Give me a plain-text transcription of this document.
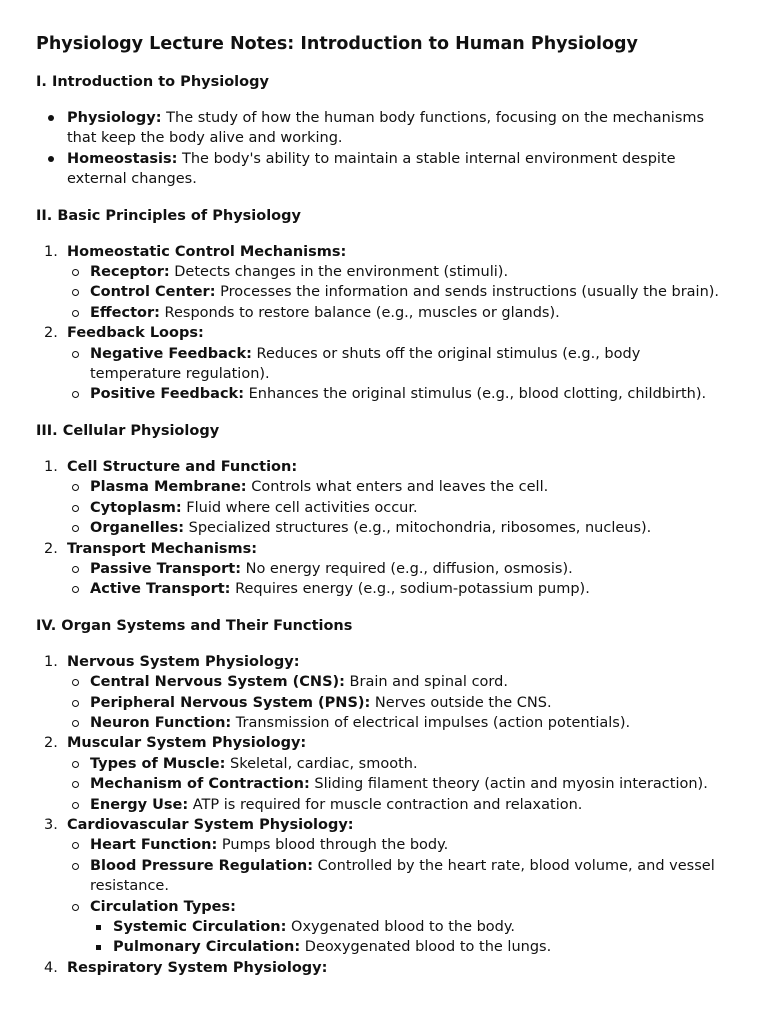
Physiology Lecture Notes: Introduction to Human Physiology
I. Introduction to Physiology
Physiology: The study of how the human body functions, focusing on the mechanisms that keep the body alive and working.
Homeostasis: The body's ability to maintain a stable internal environment despite external changes.
II. Basic Principles of Physiology
1. Homeostatic Control Mechanisms:
Receptor: Detects changes in the environment (stimuli).
Control Center: Processes the information and sends instructions (usually the brain).
Effector: Responds to restore balance (e.g., muscles or glands).
2. Feedback Loops:
Negative Feedback: Reduces or shuts off the original stimulus (e.g., body temperature regulation).
Positive Feedback: Enhances the original stimulus (e.g., blood clotting, childbirth).
III. Cellular Physiology
1. Cell Structure and Function:
Plasma Membrane: Controls what enters and leaves the cell.
Cytoplasm: Fluid where cell activities occur.
Organelles: Specialized structures (e.g., mitochondria, ribosomes, nucleus).
2. Transport Mechanisms:
Passive Transport: No energy required (e.g., diffusion, osmosis).
Active Transport: Requires energy (e.g., sodium-potassium pump).
IV. Organ Systems and Their Functions
1. Nervous System Physiology:
Central Nervous System (CNS): Brain and spinal cord.
Peripheral Nervous System (PNS): Nerves outside the CNS.
Neuron Function: Transmission of electrical impulses (action potentials).
2. Muscular System Physiology:
Types of Muscle: Skeletal, cardiac, smooth.
Mechanism of Contraction: Sliding filament theory (actin and myosin interaction).
Energy Use: ATP is required for muscle contraction and relaxation.
3. Cardiovascular System Physiology:
Heart Function: Pumps blood through the body.
Blood Pressure Regulation: Controlled by the heart rate, blood volume, and vessel resistance.
Circulation Types:
Systemic Circulation: Oxygenated blood to the body.
Pulmonary Circulation: Deoxygenated blood to the lungs.
4. Respiratory System Physiology:
